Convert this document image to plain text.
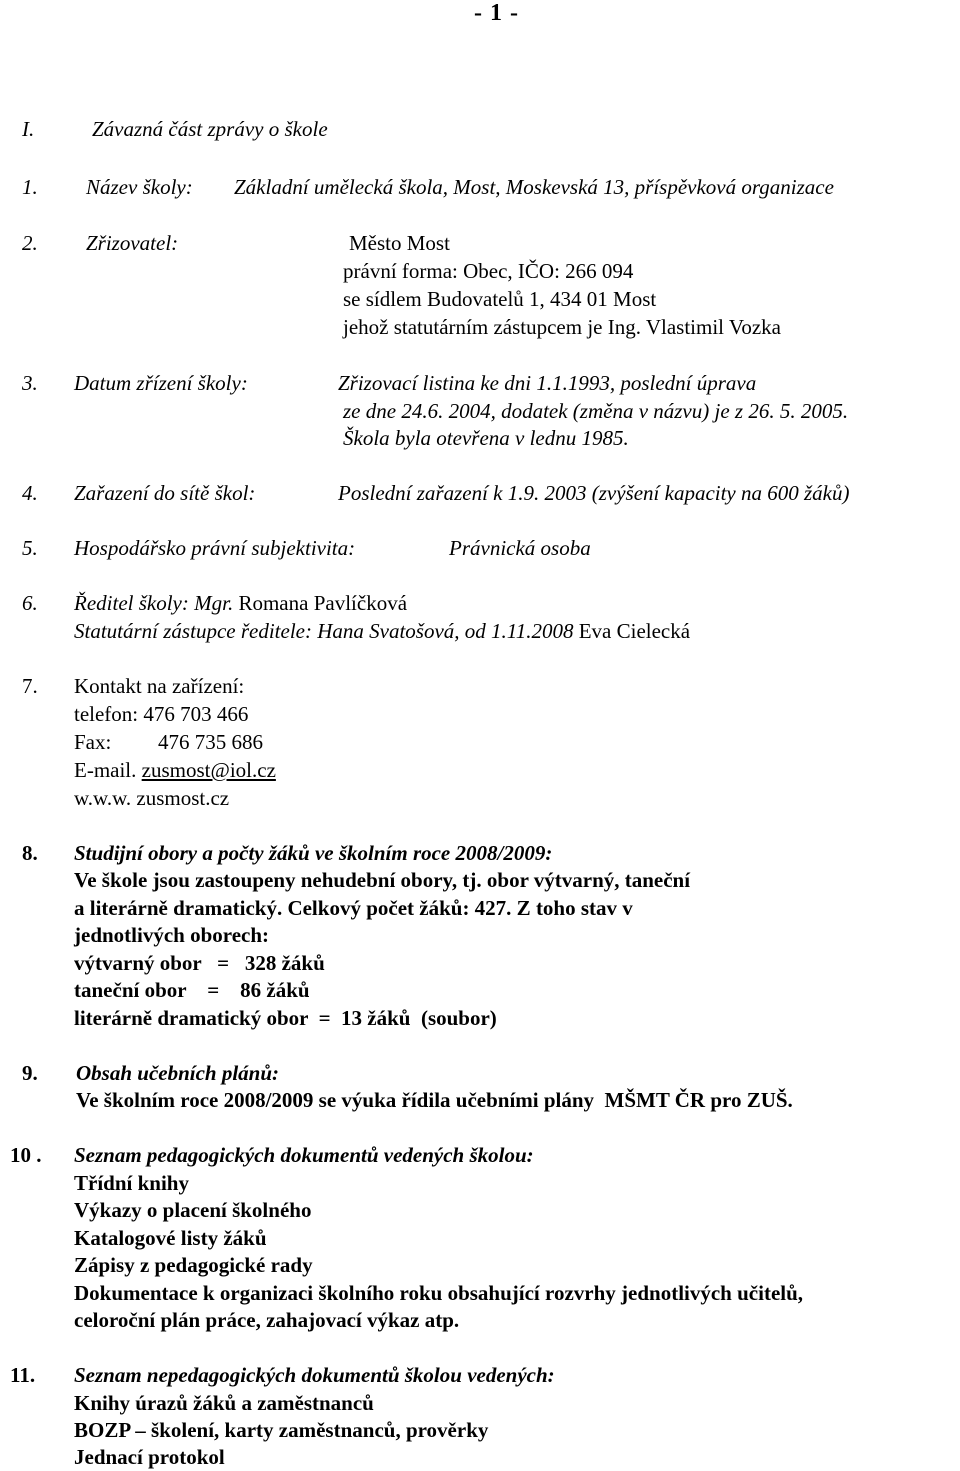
- 1 -
I.	Závazná část zprávy o škole
1. Název školy: Základní umělecká škola, Most, Moskevská 13, příspěvková organizace
2. Zřizovatel:	Město Most
právní forma: Obec, IČO: 266 094
se sídlem Budovatelů 1, 434 01 Most
jehož statutárním zástupcem je Ing. Vlastimil Vozka
3. Datum zřízení školy:	Zřizovací listina ke dni 1.1.1993, poslední úprava
ze dne 24.6. 2004, dodatek (změna v názvu) je z 26. 5. 2005.
Škola byla otevřena v lednu 1985.
4. Zařazení do sítě škol:	Poslední zařazení k 1.9. 2003 (zvýšení kapacity na 600 žáků)
5. Hospodářsko právní subjektivita:	Právnická osoba
6. Ředitel školy: Mgr. Romana Pavlíčková
Statutární zástupce ředitele: Hana Svatošová, od 1.11.2008 Eva Cielecká
7. Kontakt na zařízení:
telefon: 476 703 466
Fax: 476 735 686
E-mail. zusmost@iol.cz
w.w.w. zusmost.cz
8. Studijní obory a počty žáků ve školním roce 2008/2009:
Ve škole jsou zastoupeny nehudební obory, tj. obor výtvarný, taneční
a literárně dramatický. Celkový počet žáků: 427. Z toho stav v
jednotlivých oborech:
výtvarný obor   =   328 žáků
taneční obor    =    86 žáků
literárně dramatický obor  =  13 žáků  (soubor)
9. Obsah učebních plánů:
Ve školním roce 2008/2009 se výuka řídila učebními plány  MŠMT ČR pro ZUŠ.
10 . Seznam pedagogických dokumentů vedených školou:
Třídní knihy
Výkazy o placení školného
Katalogové listy žáků
Zápisy z pedagogické rady
Dokumentace k organizaci školního roku obsahující rozvrhy jednotlivých učitelů,
celoroční plán práce, zahajovací výkaz atp.
11. Seznam nepedagogických dokumentů školou vedených:
Knihy úrazů žáků a zaměstnanců
BOZP – školení, karty zaměstnanců, prověrky
Jednací protokol
